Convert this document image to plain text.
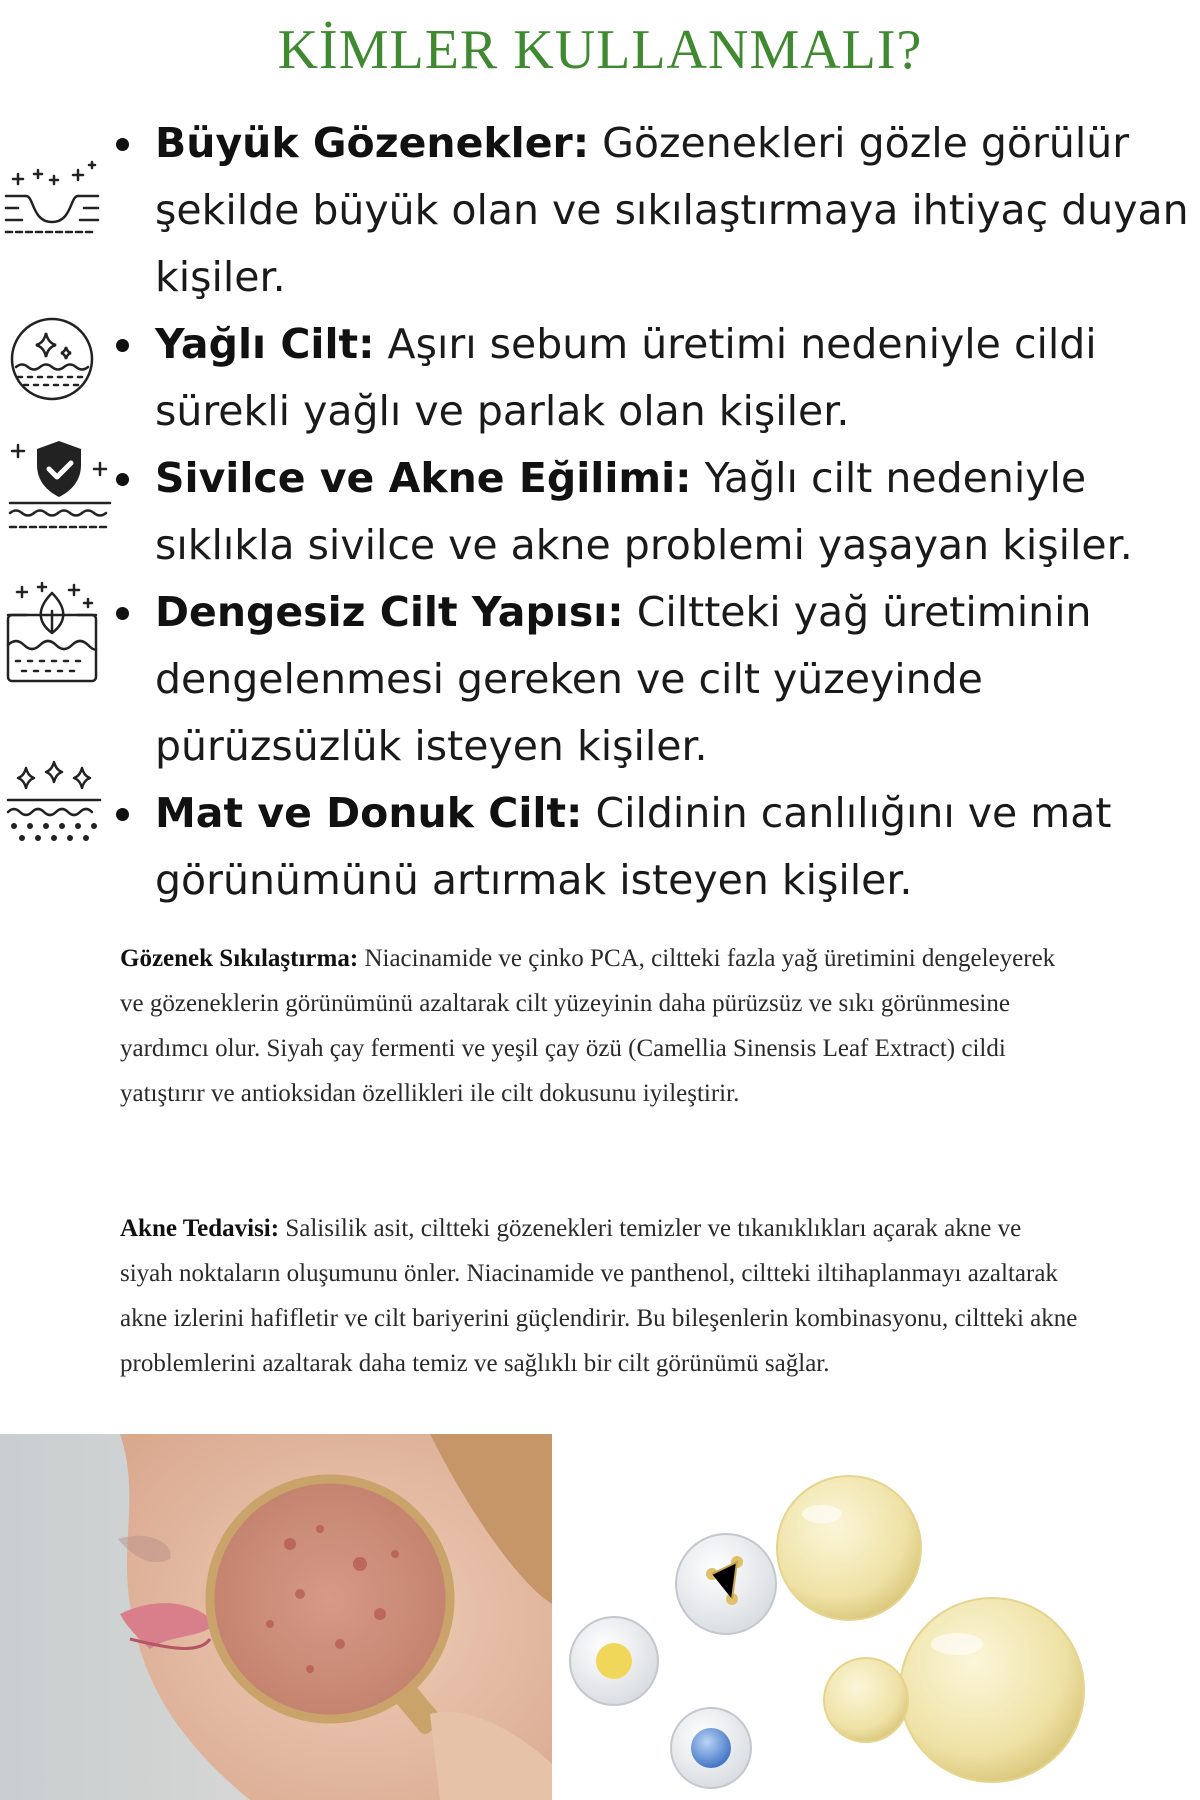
KİMLER KULLANMALI?
Büyük Gözenekler: Gözenekleri gözle görülür şekilde büyük olan ve sıkılaştırmaya ihtiyaç duyan kişiler.
Yağlı Cilt: Aşırı sebum üretimi nedeniyle cildi sürekli yağlı ve parlak olan kişiler.
Sivilce ve Akne Eğilimi: Yağlı cilt nedeniyle sıklıkla sivilce ve akne problemi yaşayan kişiler.
Dengesiz Cilt Yapısı: Ciltteki yağ üretiminin dengelenmesi gereken ve cilt yüzeyinde pürüzsüzlük isteyen kişiler.
Mat ve Donuk Cilt: Cildinin canlılığını ve mat görünümünü artırmak isteyen kişiler.
Gözenek Sıkılaştırma: Niacinamide ve çinko PCA, ciltteki fazla yağ üretimini dengeleyerek ve gözeneklerin görünümünü azaltarak cilt yüzeyinin daha pürüzsüz ve sıkı görünmesine yardımcı olur. Siyah çay fermenti ve yeşil çay özü (Camellia Sinensis Leaf Extract) cildi yatıştırır ve antioksidan özellikleri ile cilt dokusunu iyileştirir.
Akne Tedavisi: Salisilik asit, ciltteki gözenekleri temizler ve tıkanıklıkları açarak akne ve siyah noktaların oluşumunu önler. Niacinamide ve panthenol, ciltteki iltihaplanmayı azaltarak akne izlerini hafifletir ve cilt bariyerini güçlendirir. Bu bileşenlerin kombinasyonu, ciltteki akne problemlerini azaltarak daha temiz ve sağlıklı bir cilt görünümü sağlar.
